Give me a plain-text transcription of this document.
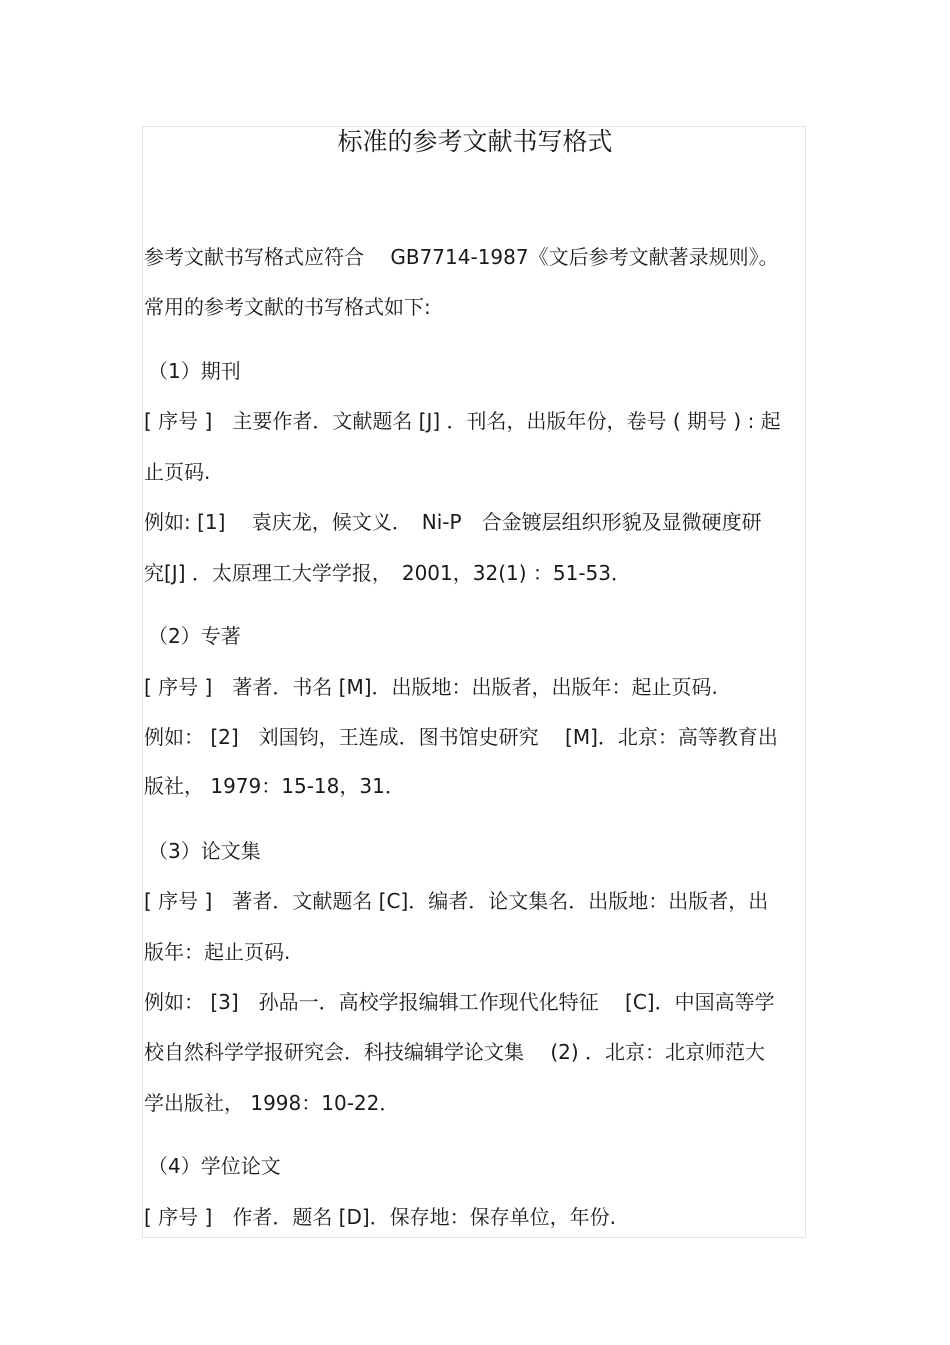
标准的参考文献书写格式
参考文献书写格式应符合　 GB7714-1987《文后参考文献著录规则》。
常用的参考文献的书写格式如下:
（1）期刊
[ 序号 ]　主要作者．文献题名 [J] ．刊名，出版年份，卷号 ( 期号 ) : 起
止页码.
例如: [1]　 袁庆龙，候文义．　Ni-P　合金镀层组织形貌及显微硬度研
究[J] ．太原理工大学学报，　2001，32(1) ：51-53．
（2）专著
[ 序号 ]　著者．书名 [M]．出版地：出版者，出版年：起止页码.
例如： [2]　刘国钧，王连成．图书馆史研究　 [M]．北京：高等教育出
版社， 1979：15-18，31．
（3）论文集
[ 序号 ]　著者．文献题名 [C]．编者．论文集名．出版地：出版者，出
版年：起止页码.
例如： [3]　孙品一．高校学报编辑工作现代化特征　 [C]．中国高等学
校自然科学学报研究会．科技编辑学论文集　 (2) ．北京：北京师范大
学出版社， 1998：10-22．
（4）学位论文
[ 序号 ]　作者．题名 [D]．保存地：保存单位，年份.
